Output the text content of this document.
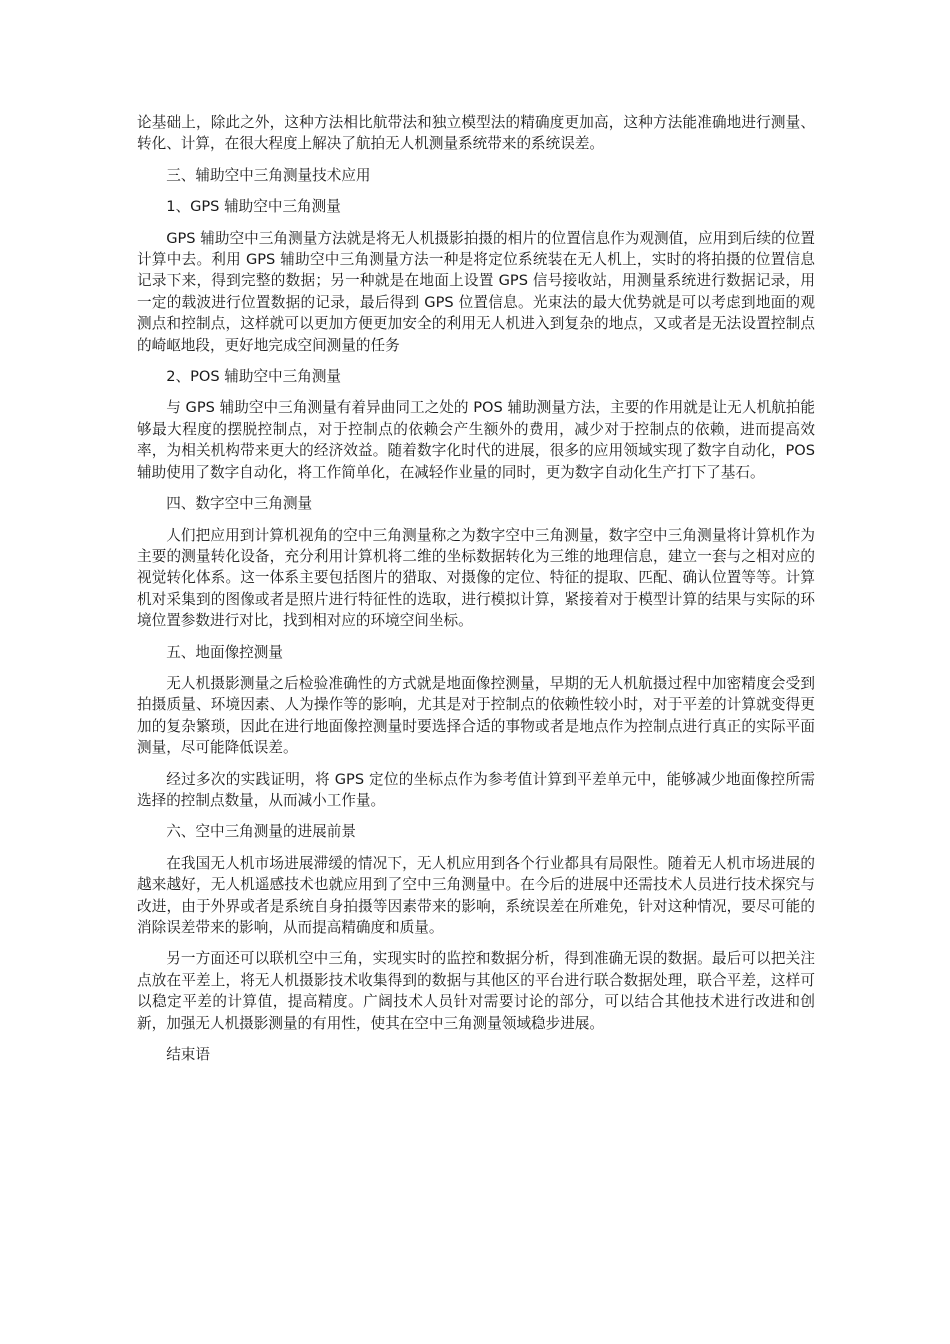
论基础上，除此之外，这种方法相比航带法和独立模型法的精确度更加高，这种方法能准确地进行测量、转化、计算，在很大程度上解决了航拍无人机测量系统带来的系统误差。

三、辅助空中三角测量技术应用

1、GPS 辅助空中三角测量

GPS 辅助空中三角测量方法就是将无人机摄影拍摄的相片的位置信息作为观测值，应用到后续的位置计算中去。利用 GPS 辅助空中三角测量方法一种是将定位系统装在无人机上，实时的将拍摄的位置信息记录下来，得到完整的数据；另一种就是在地面上设置 GPS 信号接收站，用测量系统进行数据记录，用一定的载波进行位置数据的记录，最后得到 GPS 位置信息。光束法的最大优势就是可以考虑到地面的观测点和控制点，这样就可以更加方便更加安全的利用无人机进入到复杂的地点，又或者是无法设置控制点的崎岖地段，更好地完成空间测量的任务

2、POS 辅助空中三角测量

与 GPS 辅助空中三角测量有着异曲同工之处的 POS 辅助测量方法，主要的作用就是让无人机航拍能够最大程度的摆脱控制点，对于控制点的依赖会产生额外的费用，减少对于控制点的依赖，进而提高效率，为相关机构带来更大的经济效益。随着数字化时代的进展，很多的应用领域实现了数字自动化，POS 辅助使用了数字自动化，将工作简单化，在减轻作业量的同时，更为数字自动化生产打下了基石。

四、数字空中三角测量

人们把应用到计算机视角的空中三角测量称之为数字空中三角测量，数字空中三角测量将计算机作为主要的测量转化设备，充分利用计算机将二维的坐标数据转化为三维的地理信息，建立一套与之相对应的视觉转化体系。这一体系主要包括图片的猎取、对摄像的定位、特征的提取、匹配、确认位置等等。计算机对采集到的图像或者是照片进行特征性的选取，进行模拟计算，紧接着对于模型计算的结果与实际的环境位置参数进行对比，找到相对应的环境空间坐标。

五、地面像控测量

无人机摄影测量之后检验准确性的方式就是地面像控测量，早期的无人机航摄过程中加密精度会受到拍摄质量、环境因素、人为操作等的影响，尤其是对于控制点的依赖性较小时，对于平差的计算就变得更加的复杂繁琐，因此在进行地面像控测量时要选择合适的事物或者是地点作为控制点进行真正的实际平面测量，尽可能降低误差。

经过多次的实践证明，将 GPS 定位的坐标点作为参考值计算到平差单元中，能够减少地面像控所需选择的控制点数量，从而减小工作量。

六、空中三角测量的进展前景

在我国无人机市场进展滞缓的情况下，无人机应用到各个行业都具有局限性。随着无人机市场进展的越来越好，无人机遥感技术也就应用到了空中三角测量中。在今后的进展中还需技术人员进行技术探究与改进，由于外界或者是系统自身拍摄等因素带来的影响，系统误差在所难免，针对这种情况，要尽可能的消除误差带来的影响，从而提高精确度和质量。

另一方面还可以联机空中三角，实现实时的监控和数据分析，得到准确无误的数据。最后可以把关注点放在平差上，将无人机摄影技术收集得到的数据与其他区的平台进行联合数据处理，联合平差，这样可以稳定平差的计算值，提高精度。广阔技术人员针对需要讨论的部分，可以结合其他技术进行改进和创新，加强无人机摄影测量的有用性，使其在空中三角测量领域稳步进展。

结束语
